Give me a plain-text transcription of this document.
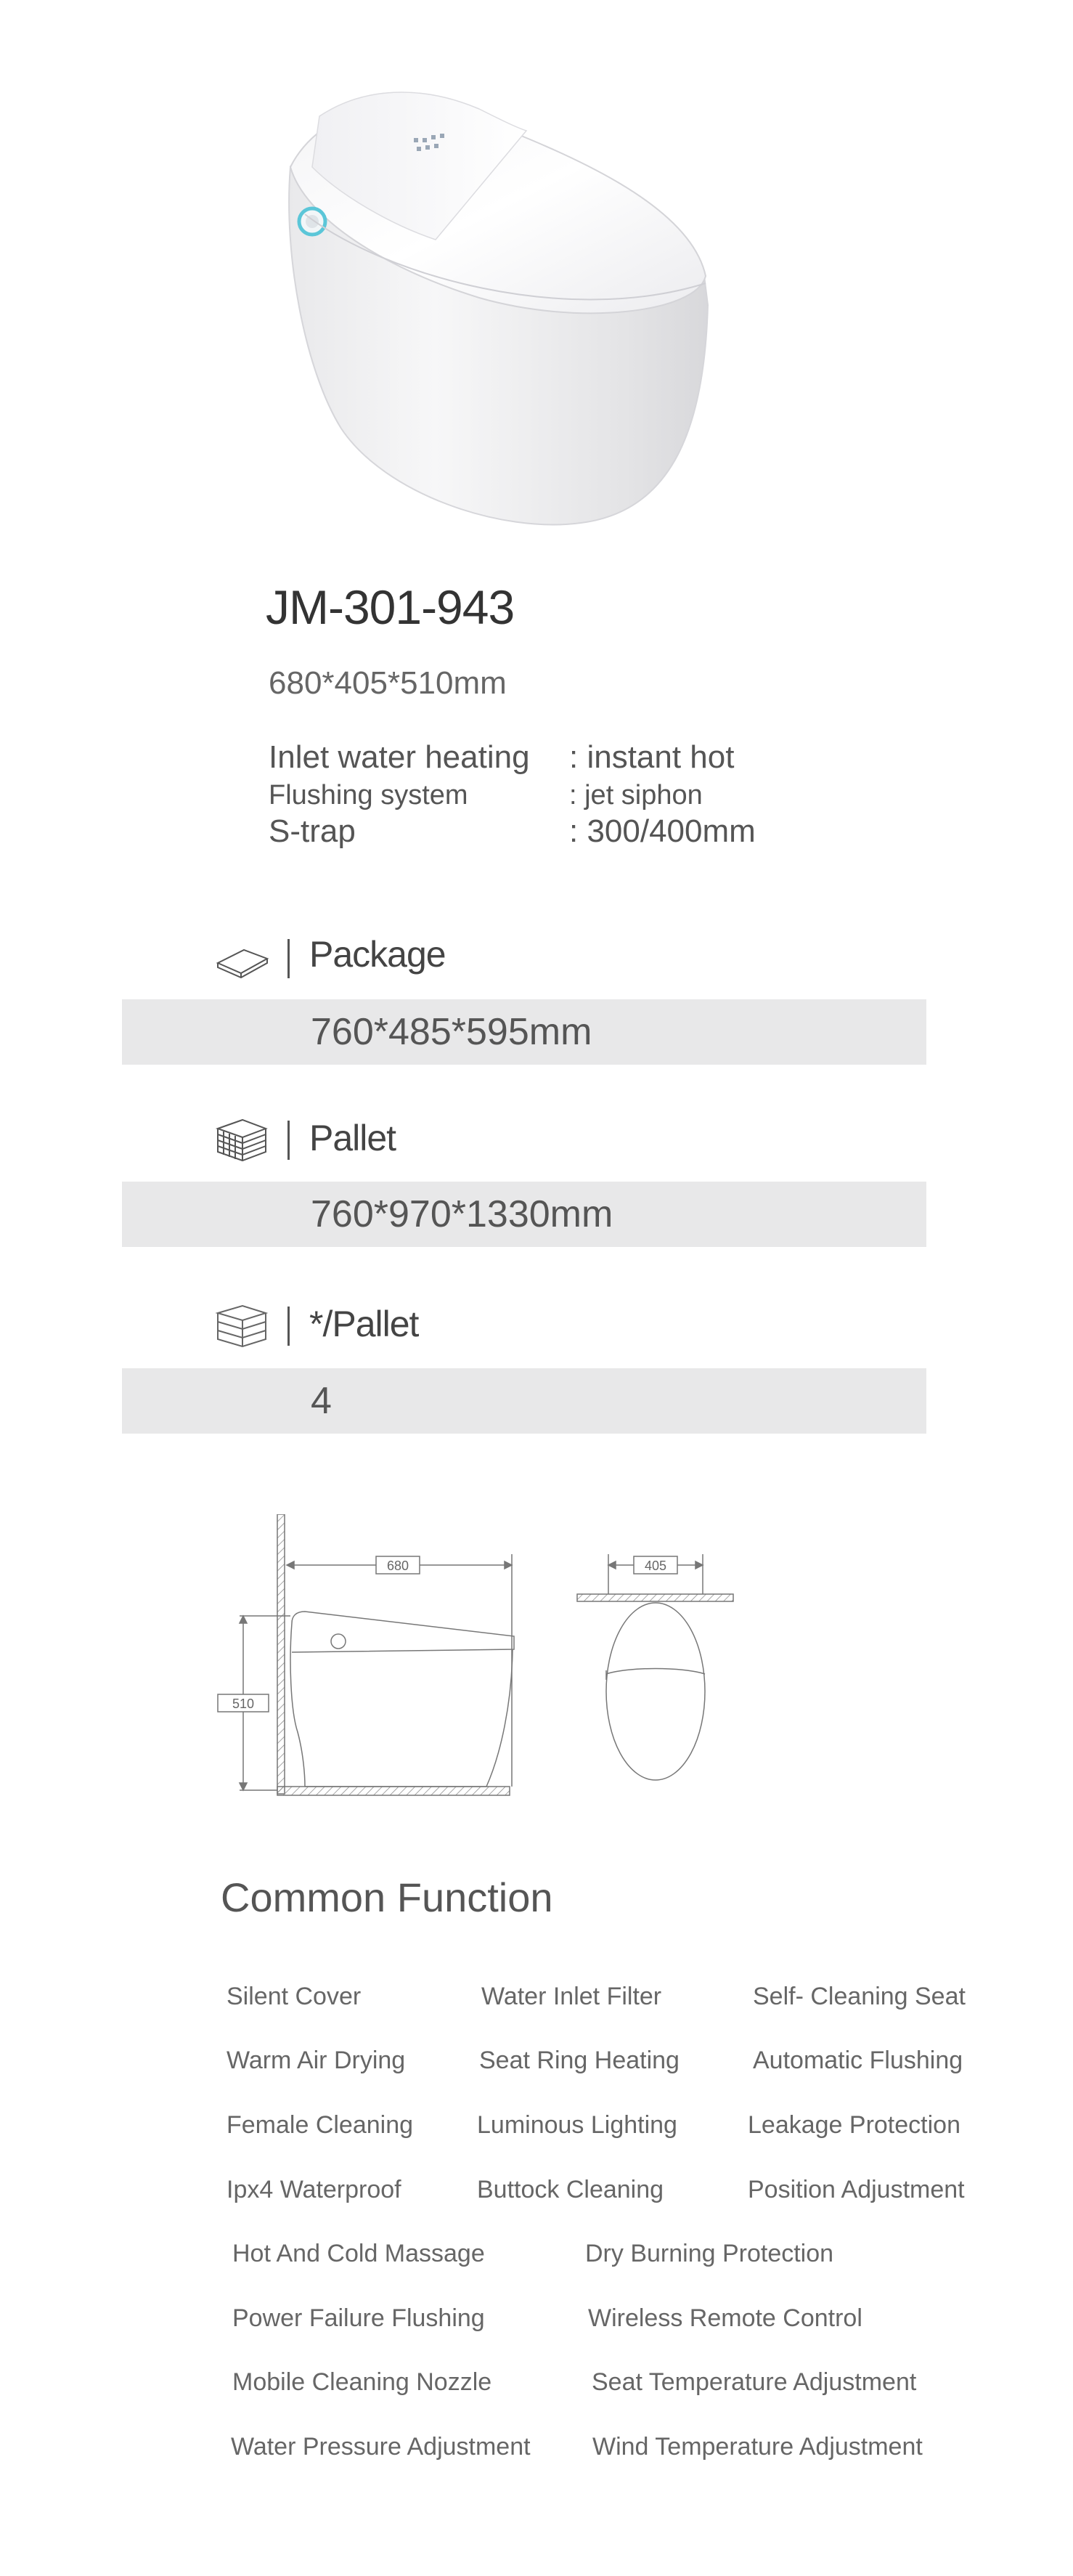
JM-301-943
680*405*510mm
Inlet water heating : instant hot
Flushing system	: jet siphon
S-trap	: 300/400mm
Package
760*485*595mm
Pallet
760*970*1330mm
*/Pallet
4
680
510
405
Common Function
Silent Cover	Water Inlet Filter	Self- Cleaning Seat
Warm Air Drying	Seat Ring Heating	Automatic Flushing
Female Cleaning	Luminous Lighting	Leakage Protection
Ipx4 Waterproof	Buttock Cleaning	Position Adjustment
Hot And Cold Massage	Dry Burning Protection
Power Failure Flushing	Wireless Remote Control
Mobile Cleaning Nozzle	Seat Temperature Adjustment
Water Pressure Adjustment	Wind Temperature Adjustment
